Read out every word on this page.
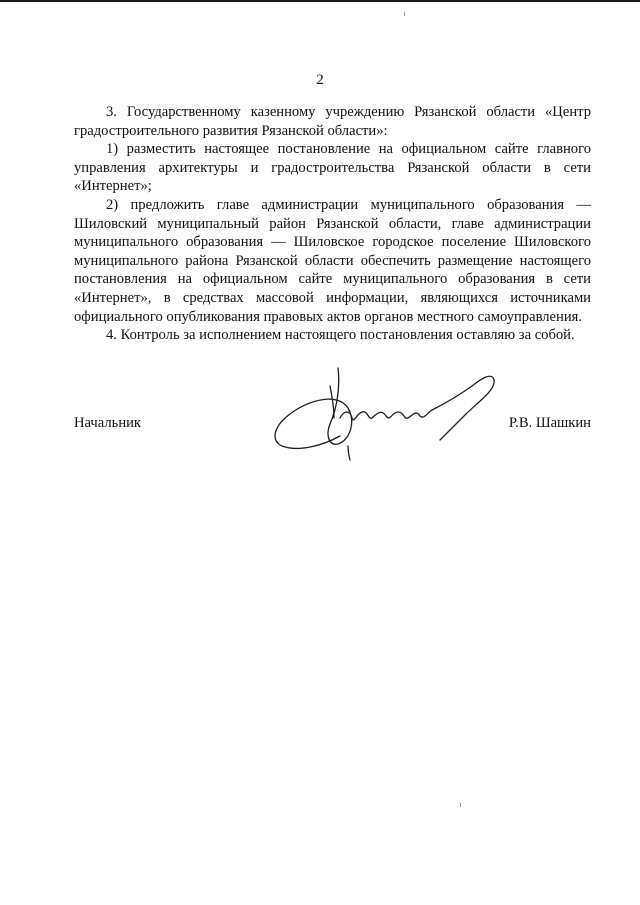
2

3. Государственному казенному учреждению Рязанской области «Центр градостроительного развития Рязанской области»:

1) разместить настоящее постановление на официальном сайте главного управления архитектуры и градостроительства Рязанской области в сети «Интернет»;

2) предложить главе администрации муниципального образования — Шиловский муниципальный район Рязанской области, главе администрации муниципального образования — Шиловское городское поселение Шиловского муниципального района Рязанской области обеспечить размещение настоящего постановления на официальном сайте муниципального образования в сети «Интернет», в средствах массовой информации, являющихся источниками официального опубликования правовых актов органов местного самоуправления.

4. Контроль за исполнением настоящего постановления оставляю за собой.

Начальник	Р.В. Шашкин
